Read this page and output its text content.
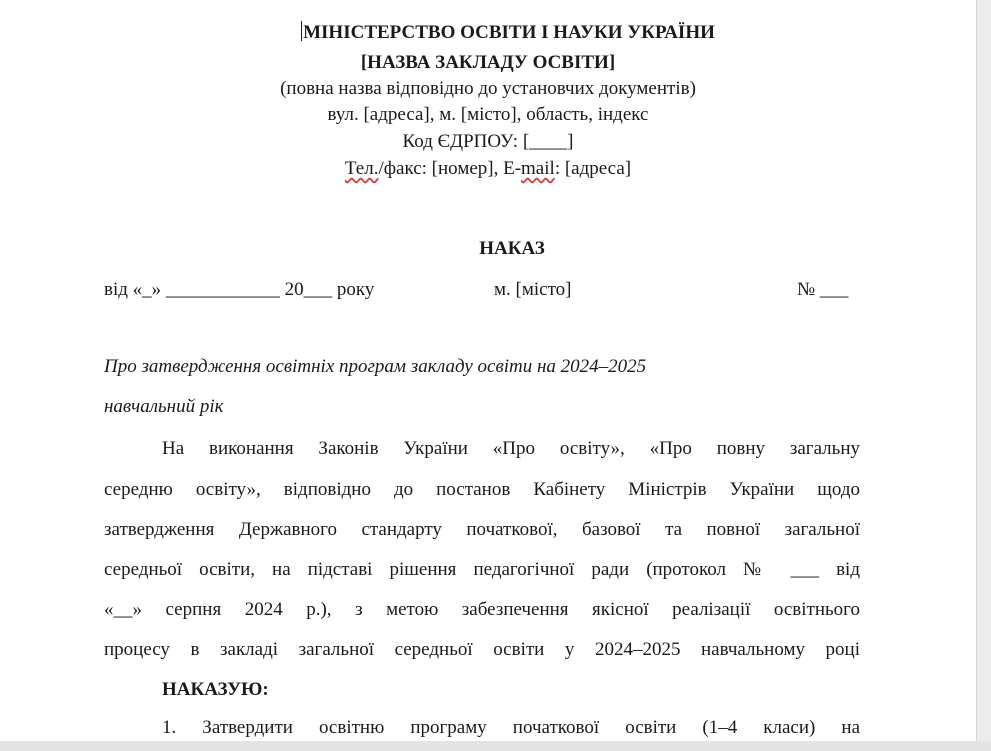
МІНІСТЕРСТВО ОСВІТИ І НАУКИ УКРАЇНИ
[НАЗВА ЗАКЛАДУ ОСВІТИ]
(повна назва відповідно до установчих документів)
вул. [адреса], м. [місто], область, індекс
Код ЄДРПОУ: [____]
Тел./факс: [номер], E-mail: [адреса]
НАКАЗ
від «_» ____________ 20___ року	м. [місто]	№ ___
Про затвердження освітніх програм закладу освіти на 2024–2025
навчальний рік
На виконання Законів України «Про освіту», «Про повну загальну
середню освіту», відповідно до постанов Кабінету Міністрів України щодо
затвердження Державного стандарту початкової, базової та повної загальної
середньої освіти, на підставі рішення педагогічної ради (протокол № ___ від
«__» серпня 2024 р.), з метою забезпечення якісної реалізації освітнього
процесу в закладі загальної середньої освіти у 2024–2025 навчальному році
НАКАЗУЮ:
1. Затвердити освітню програму початкової освіти (1–4 класи) на
